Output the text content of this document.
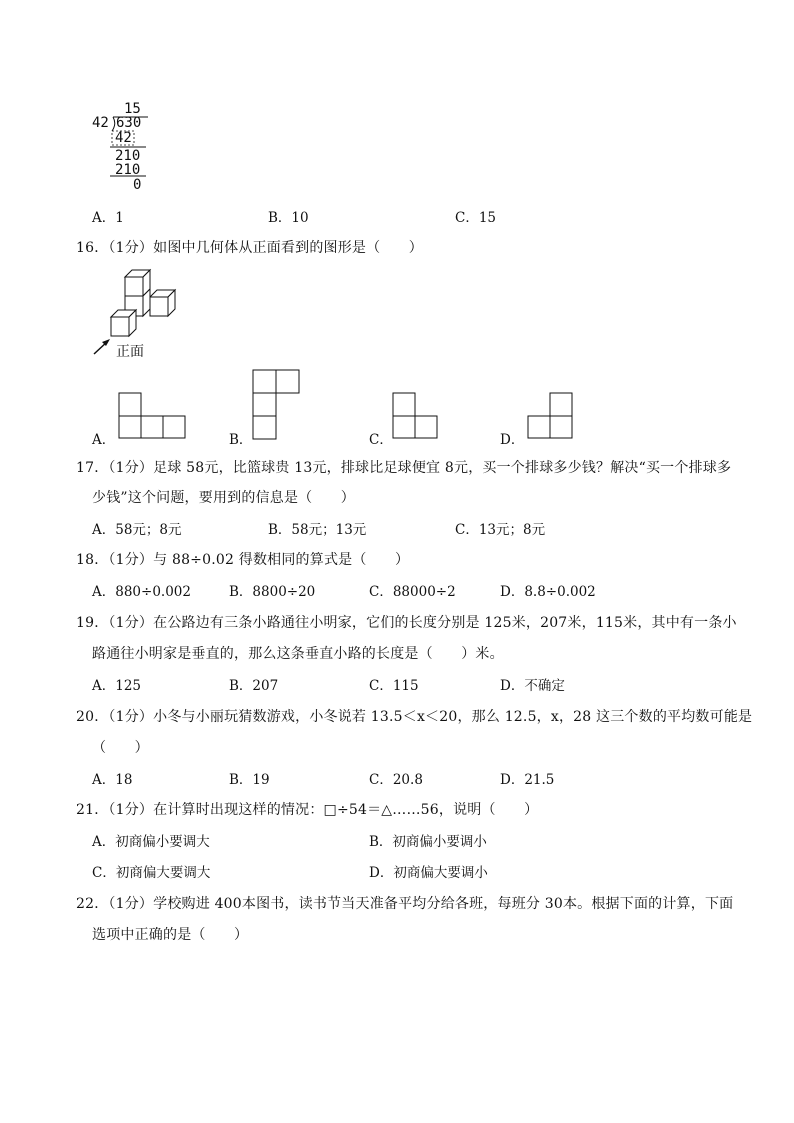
15
42 630
42
210
210
0
A．1	B．10	C．15
16．（1分）如图中几何体从正面看到的图形是（　　）
正面
A．	B．	C．	D．
17．（1分）足球 58元，比篮球贵 13元，排球比足球便宜 8元，买一个排球多少钱？解决“买一个排球多
少钱”这个问题，要用到的信息是（　　）
A．58元；8元	B．58元；13元	C．13元；8元
18．（1分）与 88÷0.02 得数相同的算式是（　　）
A．880÷0.002	B．8800÷20	C．88000÷2	D．8.8÷0.002
19．（1分）在公路边有三条小路通往小明家，它们的长度分别是 125米，207米，115米，其中有一条小
路通往小明家是垂直的，那么这条垂直小路的长度是（　　）米。
A．125	B．207	C．115	D．不确定
20．（1分）小冬与小丽玩猜数游戏，小冬说若 13.5＜x＜20，那么 12.5，x，28 这三个数的平均数可能是
（　　）
A．18	B．19	C．20.8	D．21.5
21．（1分）在计算时出现这样的情况：□÷54＝△……56，说明（　　）
A．初商偏小要调大	B．初商偏小要调小
C．初商偏大要调大	D．初商偏大要调小
22．（1分）学校购进 400本图书，读书节当天准备平均分给各班，每班分 30本。根据下面的计算，下面
选项中正确的是（　　）
